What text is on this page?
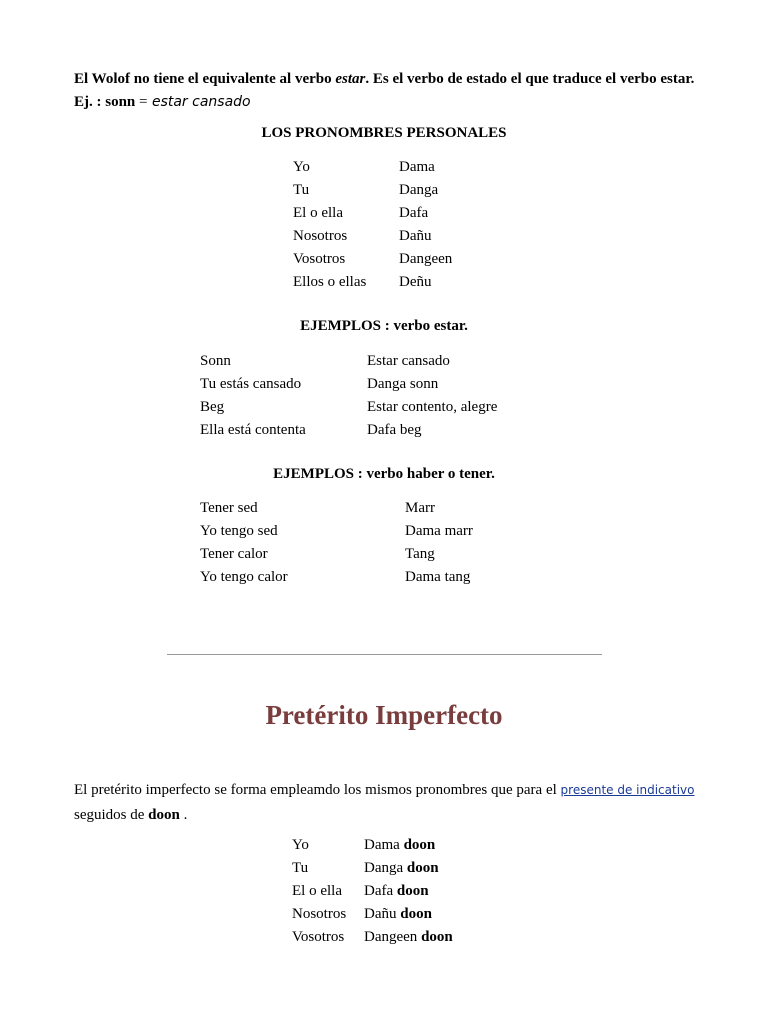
El Wolof no tiene el equivalente al verbo estar. Es el verbo de estado el que traduce el verbo estar. Ej. : sonn = estar cansado
LOS PRONOMBRES PERSONALES
Yo	Dama
Tu	Danga
El o ella	Dafa
Nosotros	Dañu
Vosotros	Dangeen
Ellos o ellas	Deñu
EJEMPLOS : verbo estar.
Sonn	Estar cansado
Tu estás cansado	Danga sonn
Beg	Estar contento, alegre
Ella está contenta	Dafa beg
EJEMPLOS : verbo haber o tener.
Tener sed	Marr
Yo tengo sed	Dama marr
Tener calor	Tang
Yo tengo calor	Dama tang
Pretérito Imperfecto
El pretérito imperfecto se forma empleamdo los mismos pronombres que para el presente de indicativo seguidos de doon .
Yo	Dama doon
Tu	Danga doon
El o ella	Dafa doon
Nosotros	Dañu doon
Vosotros	Dangeen doon
